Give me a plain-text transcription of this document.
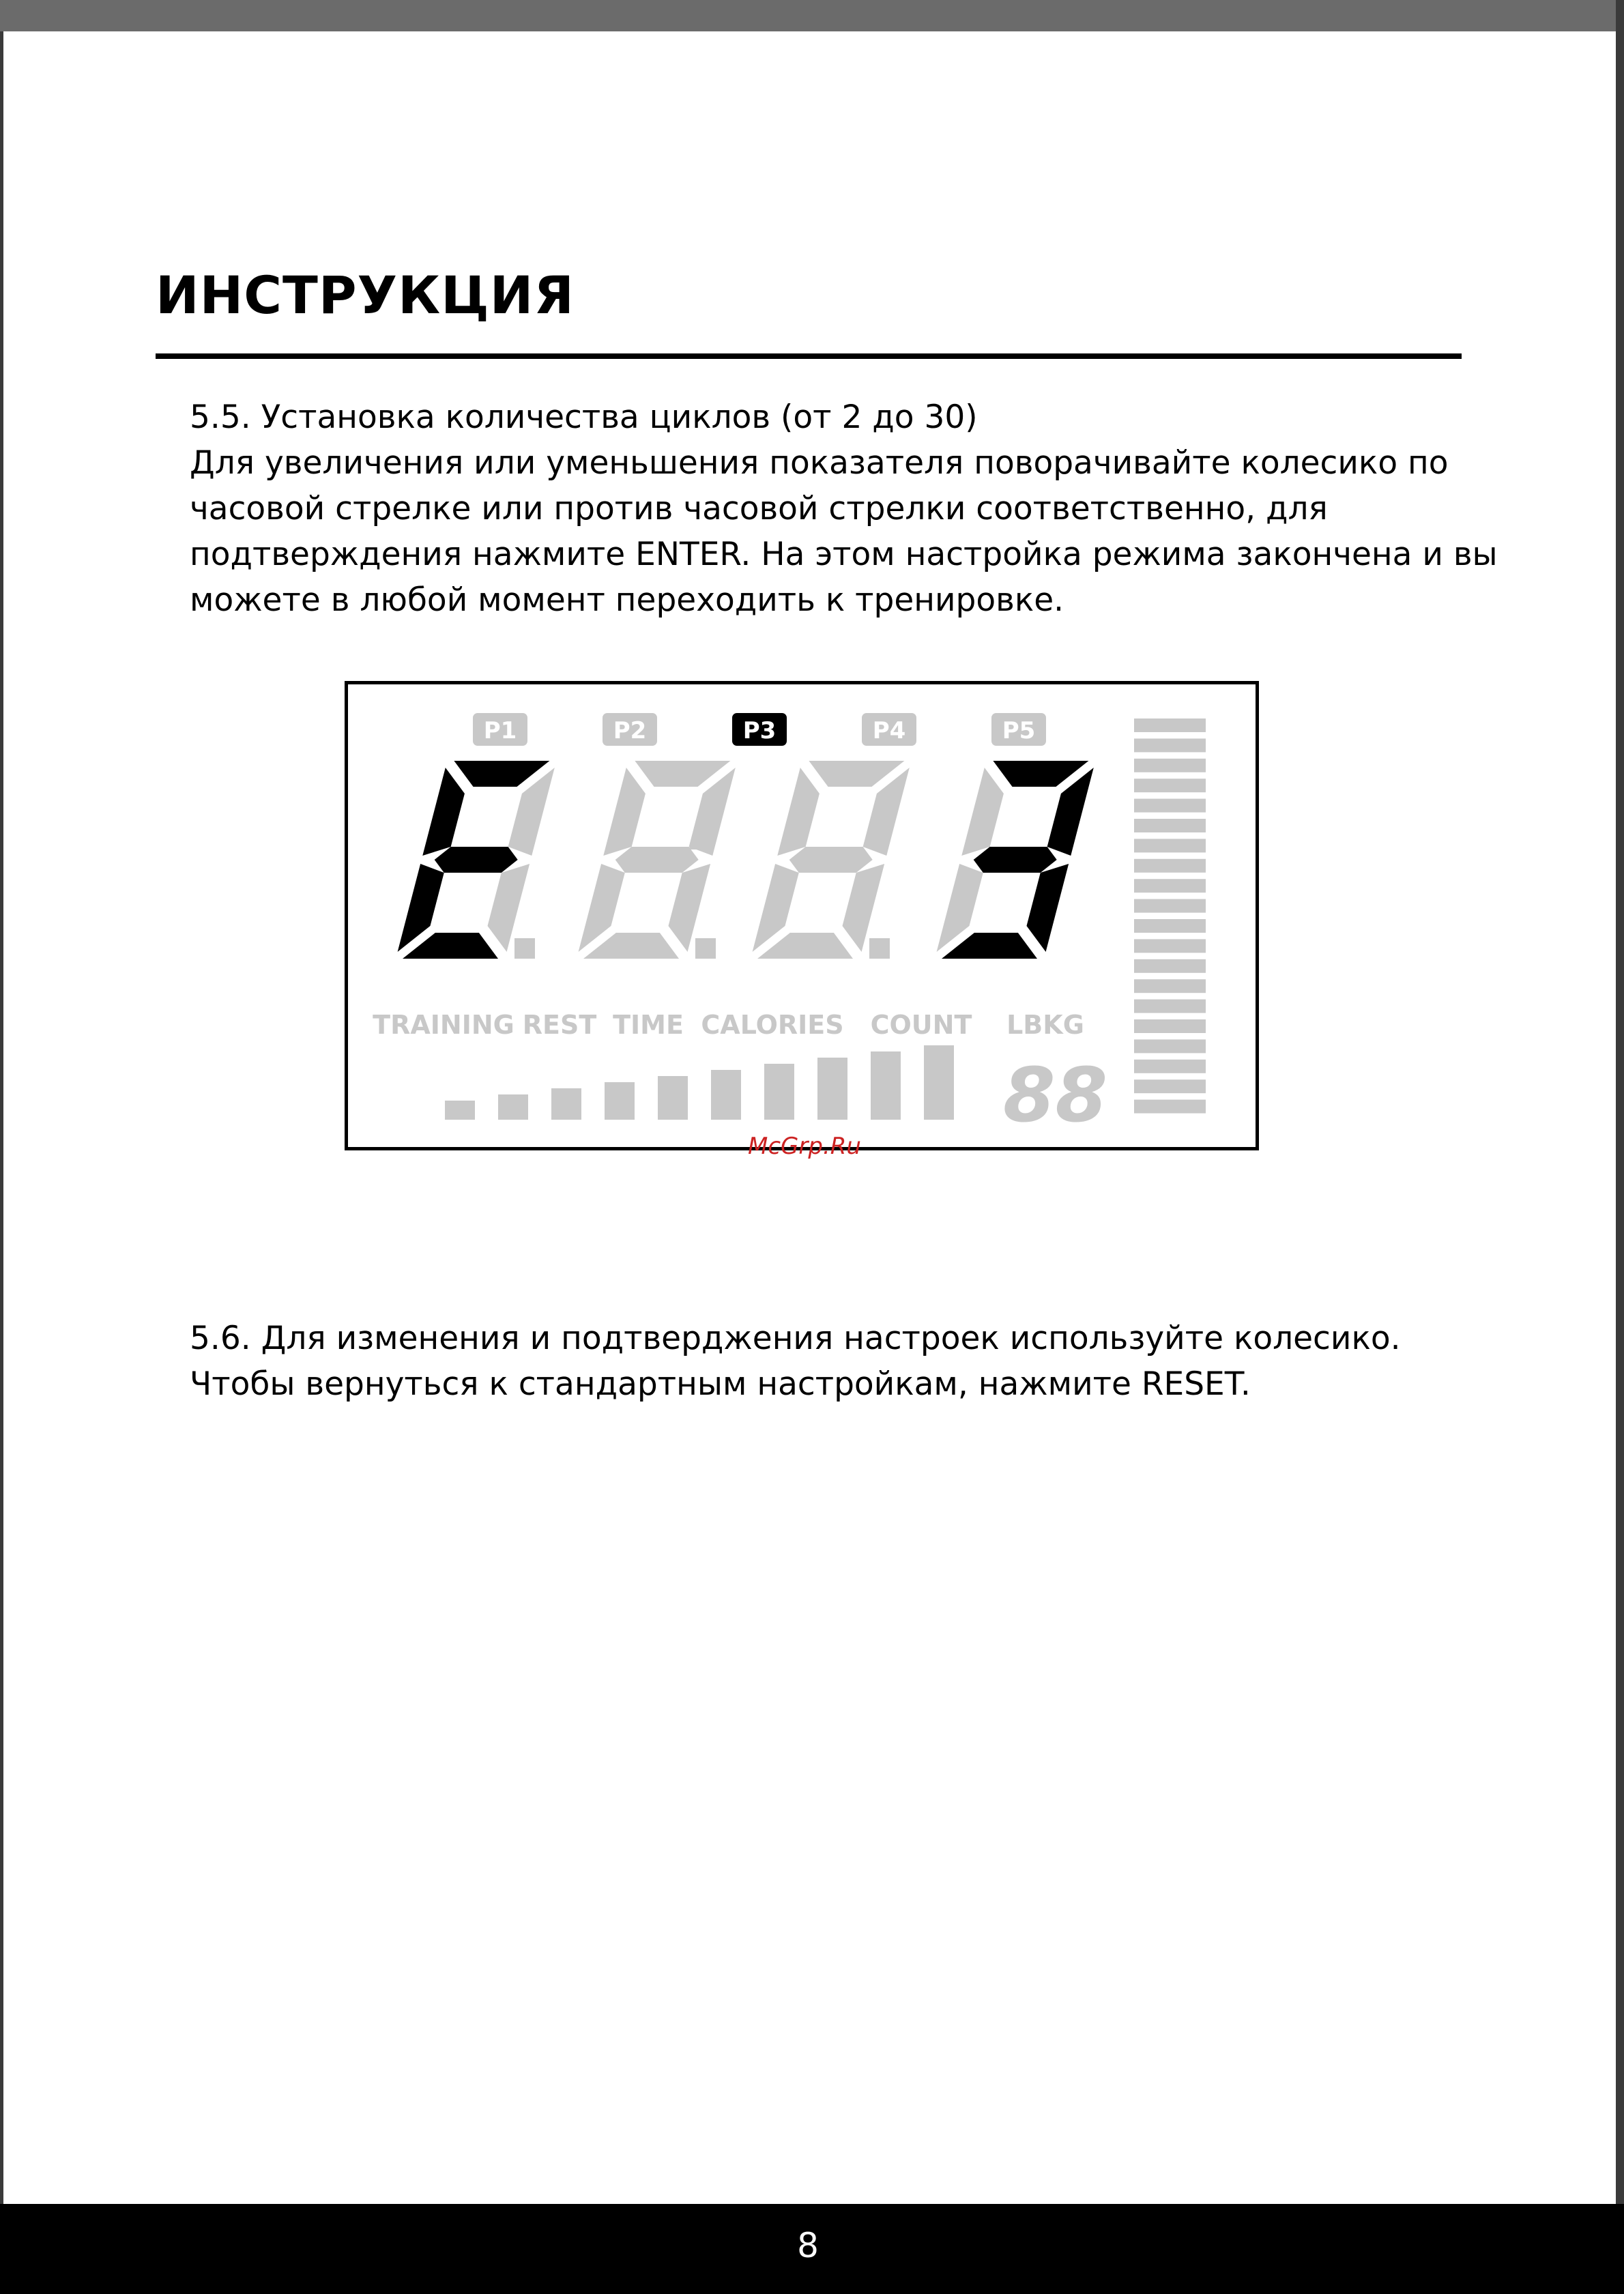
ИНСТРУКЦИЯ
5.5. Установка количества циклов (от 2 до 30)
Для увеличения или уменьшения показателя поворачивайте колесико по
часовой стрелке или против часовой стрелки соответственно, для
подтверждения нажмите ENTER. На этом настройка режима закончена и вы
можете в любой момент переходить к тренировке.
P1	P2	P3	P4	P5
TRAINING REST TIME CALORIES COUNT LBKG
88
McGrp.Ru
5.6. Для изменения и подтверджения настроек используйте колесико.
Чтобы вернуться к стандартным настройкам, нажмите RESET.
8
